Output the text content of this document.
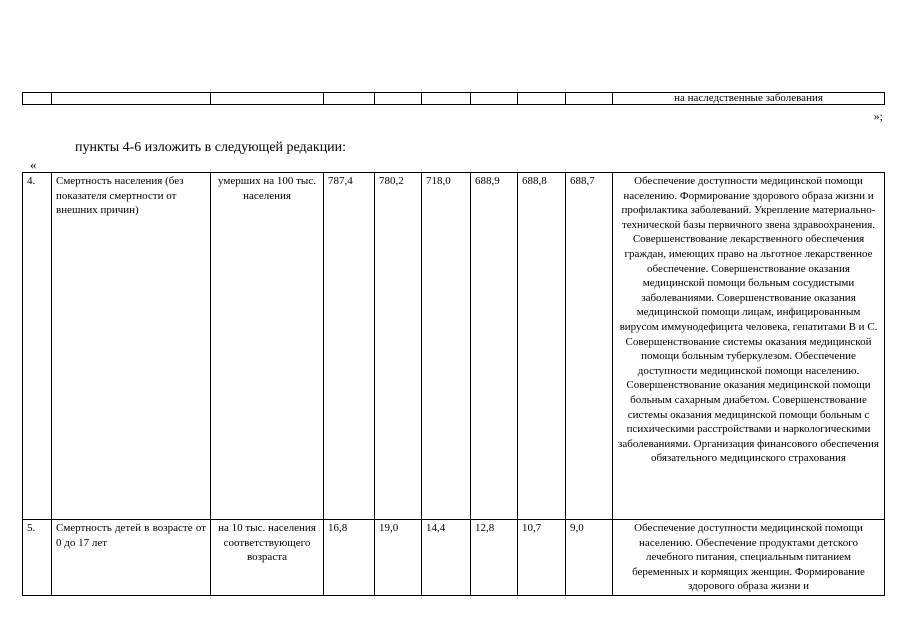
									на наследственные заболевания
»;
пункты 4-6 изложить в следующей редакции:
«
4.	Смертность населения (без показателя смертности от внешних причин)	умерших на 100 тыс. населения	787,4	780,2	718,0	688,9	688,8	688,7	Обеспечение доступности медицинской помощи населению. Формирование здорового образа жизни и профилактика заболеваний. Укрепление материально-технической базы первичного звена здравоохранения. Совершенствование лекарственного обеспечения граждан, имеющих право на льготное лекарственное обеспечение. Совершенствование оказания медицинской помощи больным сосудистыми заболеваниями. Совершенствование оказания медицинской помощи лицам, инфицированным вирусом иммунодефицита человека, гепатитами В и С. Совершенствование системы оказания медицинской помощи больным туберкулезом. Обеспечение доступности медицинской помощи населению. Совершенствование оказания медицинской помощи больным сахарным диабетом. Совершенствование системы оказания медицинской помощи больным с психическими расстройствами и наркологическими заболеваниями. Организация финансового обеспечения обязательного медицинского страхования
5.	Смертность детей в возрасте от 0 до 17 лет	на 10 тыс. населения соответствующего возраста	16,8	19,0	14,4	12,8	10,7	9,0	Обеспечение доступности медицинской помощи населению. Обеспечение продуктами детского лечебного питания, специальным питанием беременных и кормящих женщин. Формирование здорового образа жизни и
